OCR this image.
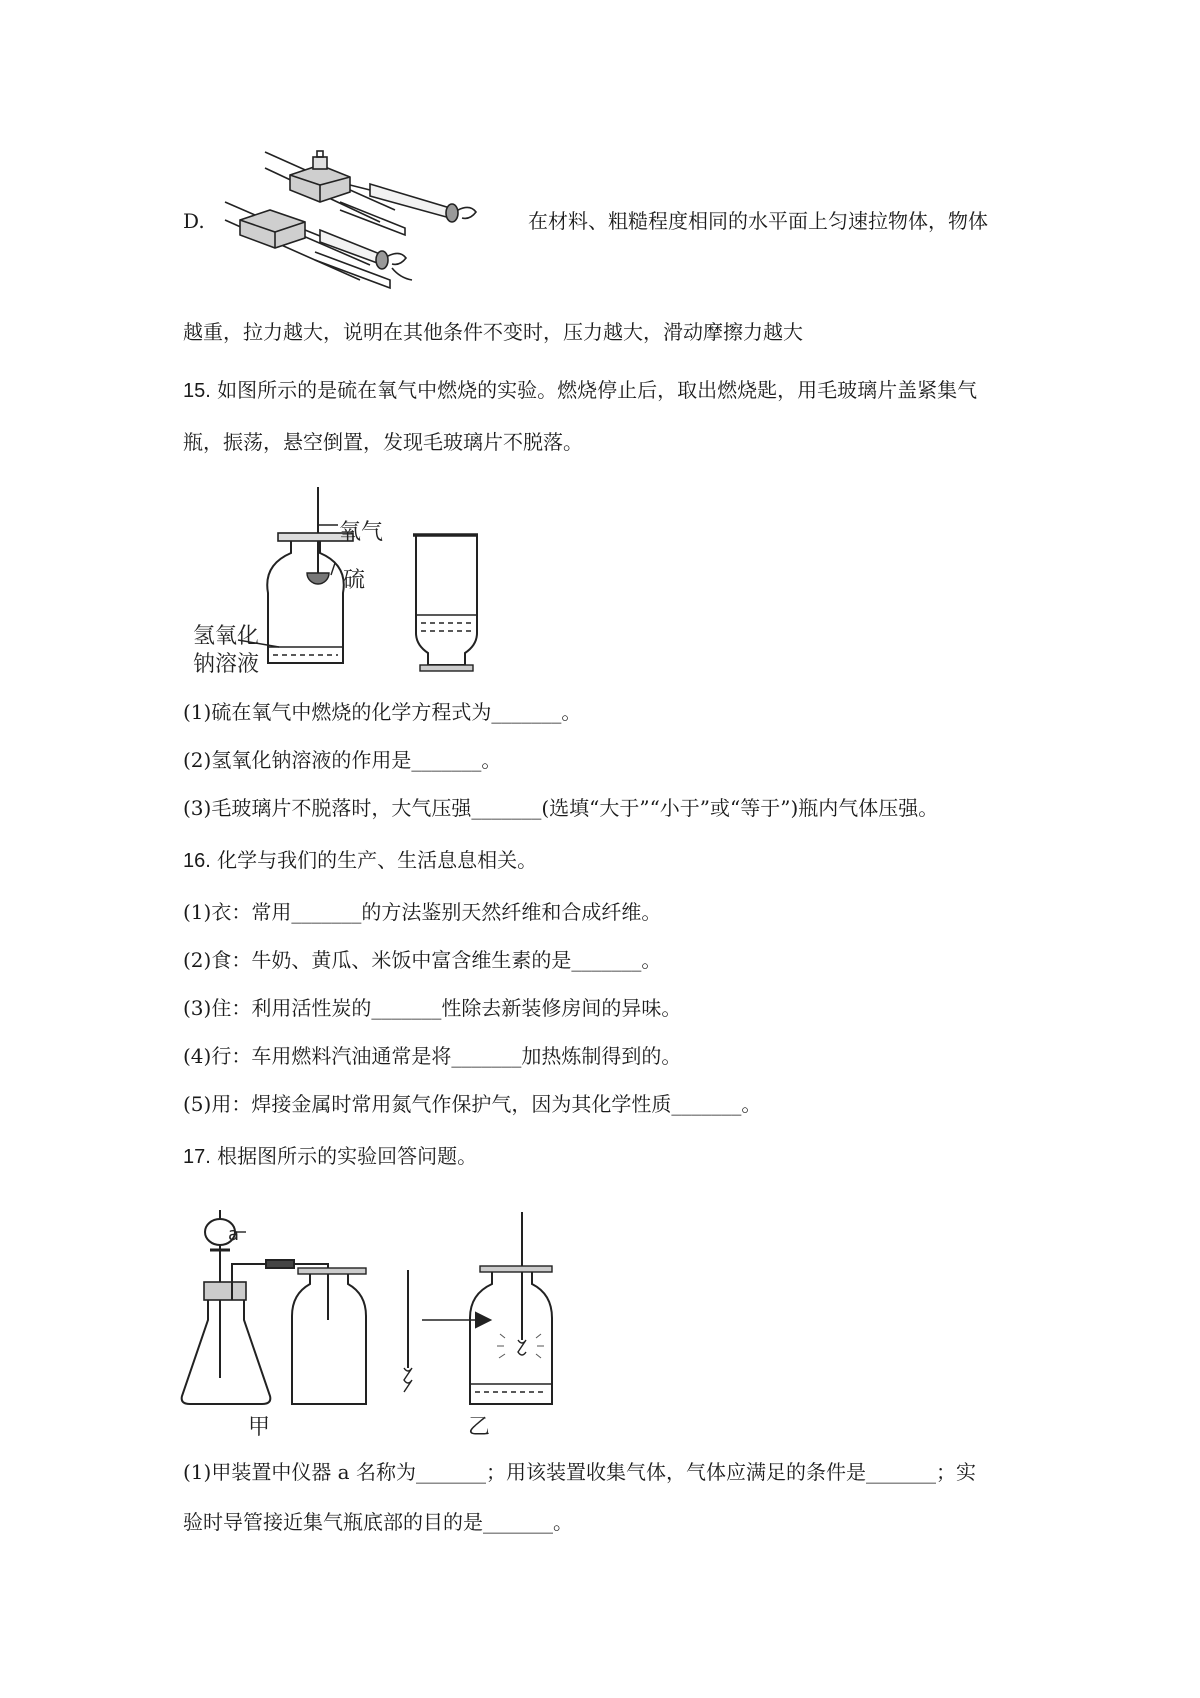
D.	在材料、粗糙程度相同的水平面上匀速拉物体，物体
越重，拉力越大，说明在其他条件不变时，压力越大，滑动摩擦力越大
15. 如图所示的是硫在氧气中燃烧的实验。燃烧停止后，取出燃烧匙，用毛玻璃片盖紧集气
瓶，振荡，悬空倒置，发现毛玻璃片不脱落。
氧气
硫
氢氧化
钠溶液
(1)硫在氧气中燃烧的化学方程式为_______。
(2)氢氧化钠溶液的作用是_______。
(3)毛玻璃片不脱落时，大气压强_______(选填“大于”“小于”或“等于”)瓶内气体压强。
16. 化学与我们的生产、生活息息相关。
(1)衣：常用_______的方法鉴别天然纤维和合成纤维。
(2)食：牛奶、黄瓜、米饭中富含维生素的是_______。
(3)住：利用活性炭的_______性除去新装修房间的异味。
(4)行：车用燃料汽油通常是将_______加热炼制得到的。
(5)用：焊接金属时常用氮气作保护气，因为其化学性质_______。
17. 根据图所示的实验回答问题。
a
甲	乙
(1)甲装置中仪器 a 名称为_______；用该装置收集气体，气体应满足的条件是_______；实
验时导管接近集气瓶底部的目的是_______。
